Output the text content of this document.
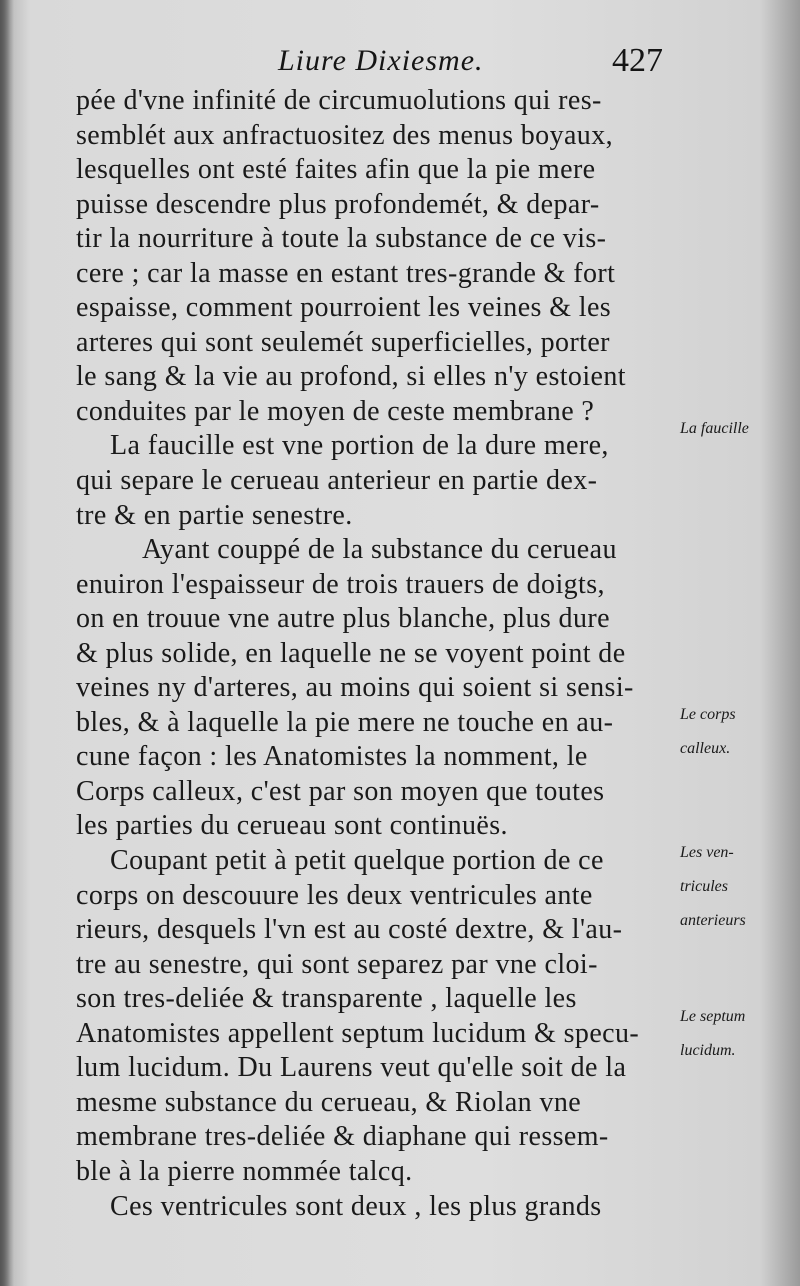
Liure Dixiesme.	427
pée d'vne infinité de circumuolutions qui res-
semblét aux anfractuositez des menus boyaux,
lesquelles ont esté faites afin que la pie mere
puisse descendre plus profondemét, & depar-
tir la nourriture à toute la substance de ce vis-
cere ; car la masse en estant tres-grande & fort
espaisse, comment pourroient les veines & les
arteres qui sont seulemét superficielles, porter
le sang & la vie au profond, si elles n'y estoient
conduites par le moyen de ceste membrane ?
La faucille est vne portion de la dure mere,
qui separe le cerueau anterieur en partie dex-
tre & en partie senestre.
Ayant couppé de la substance du cerueau
enuiron l'espaisseur de trois trauers de doigts,
on en trouue vne autre plus blanche, plus dure
& plus solide, en laquelle ne se voyent point de
veines ny d'arteres, au moins qui soient si sensi-
bles, & à laquelle la pie mere ne touche en au-
cune façon : les Anatomistes la nomment, le
Corps calleux, c'est par son moyen que toutes
les parties du cerueau sont continuës.
Coupant petit à petit quelque portion de ce
corps on descouure les deux ventricules ante
rieurs, desquels l'vn est au costé dextre, & l'au-
tre au senestre, qui sont separez par vne cloi-
son tres-deliée & transparente , laquelle les
Anatomistes appellent septum lucidum & specu-
lum lucidum. Du Laurens veut qu'elle soit de la
mesme substance du cerueau, & Riolan vne
membrane tres-deliée & diaphane qui ressem-
ble à la pierre nommée talcq.
Ces ventricules sont deux , les plus grands
La faucille
Le corps
calleux.
Les ven-
tricules
anterieurs
Le septum
lucidum.
